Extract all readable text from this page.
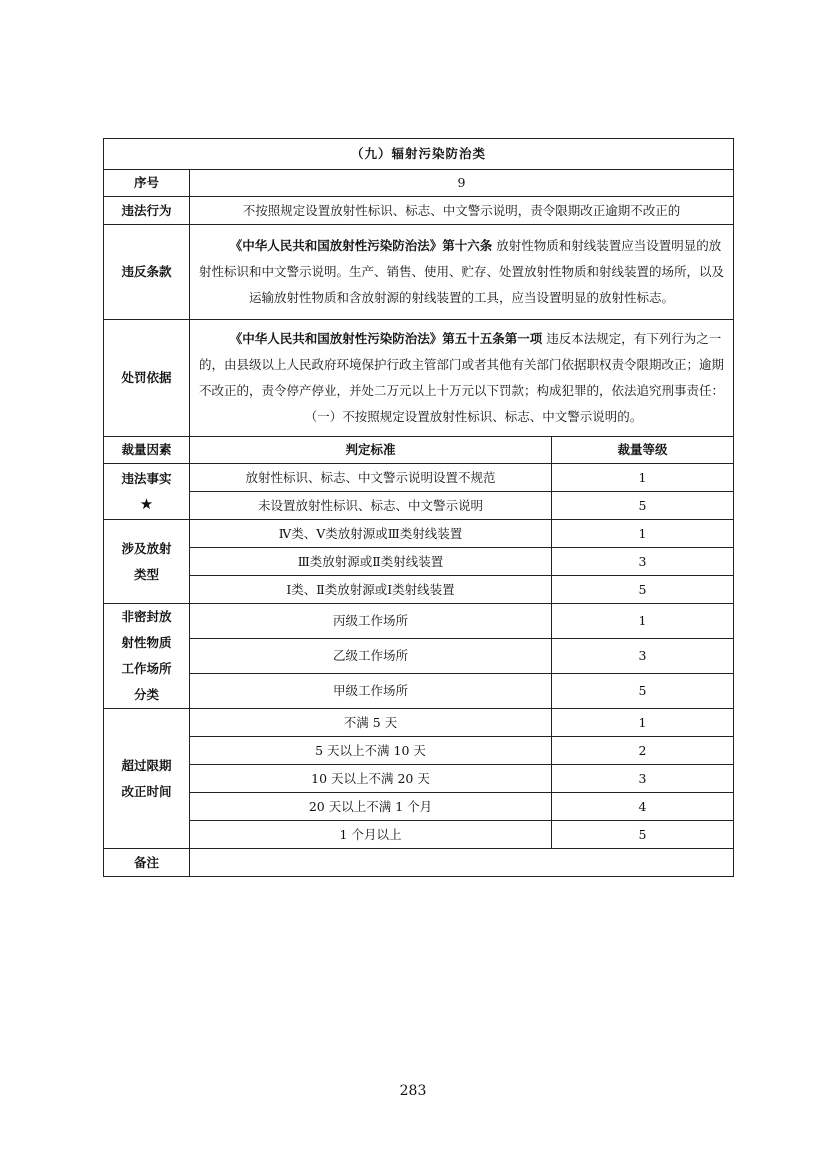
（九）辐射污染防治类		
序号	9	
违法行为	不按照规定设置放射性标识、标志、中文警示说明，责令限期改正逾期不改正的	
违反条款	《中华人民共和国放射性污染防治法》第十六条 放射性物质和射线装置应当设置明显的放射性标识和中文警示说明。生产、销售、使用、贮存、处置放射性物质和射线装置的场所，以及运输放射性物质和含放射源的射线装置的工具，应当设置明显的放射性标志。	
处罚依据	《中华人民共和国放射性污染防治法》第五十五条第一项 违反本法规定，有下列行为之一的，由县级以上人民政府环境保护行政主管部门或者其他有关部门依据职权责令限期改正；逾期不改正的，责令停产停业，并处二万元以上十万元以下罚款；构成犯罪的，依法追究刑事责任：
（一）不按照规定设置放射性标识、标志、中文警示说明的。	
裁量因素	判定标准	裁量等级
违法事实
★	放射性标识、标志、中文警示说明设置不规范	1
	未设置放射性标识、标志、中文警示说明	5

涉及放射类型	Ⅳ类、Ⅴ类放射源或Ⅲ类射线装置	1
	Ⅲ类放射源或Ⅱ类射线装置	3
	Ⅰ类、Ⅱ类放射源或Ⅰ类射线装置	5

非密封放射性物质工作场所分类	丙级工作场所	1
	乙级工作场所	3
	甲级工作场所	5

超过限期改正时间	不满 5 天	1
	5 天以上不满 10 天	2
	10 天以上不满 20 天	3
	20 天以上不满 1 个月	4
	1 个月以上	5
备注		
283
